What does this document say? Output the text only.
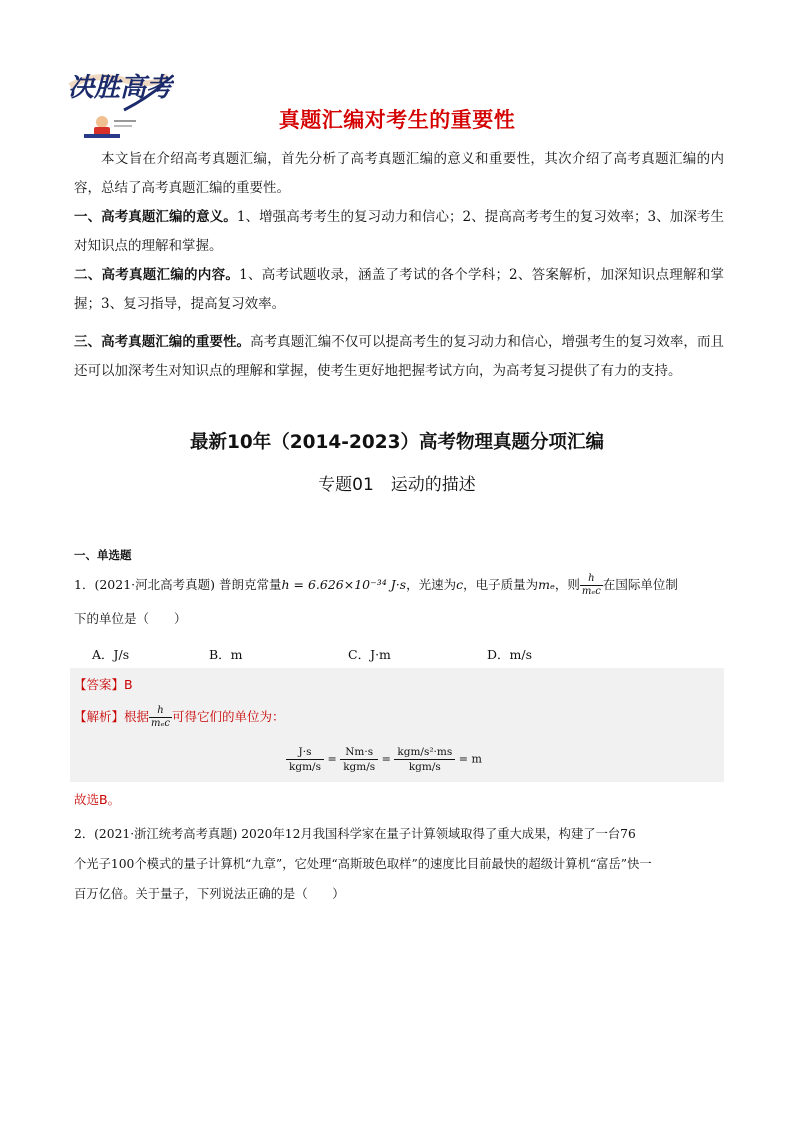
决胜高考
真题汇编对考生的重要性
本文旨在介绍高考真题汇编，首先分析了高考真题汇编的意义和重要性，其次介绍了高考真题汇编的内容，总结了高考真题汇编的重要性。
一、高考真题汇编的意义。1、增强高考考生的复习动力和信心；2、提高高考考生的复习效率；3、加深考生对知识点的理解和掌握。
二、高考真题汇编的内容。1、高考试题收录，涵盖了考试的各个学科；2、答案解析，加深知识点理解和掌握；3、复习指导，提高复习效率。
三、高考真题汇编的重要性。高考真题汇编不仅可以提高考生的复习动力和信心，增强考生的复习效率，而且还可以加深考生对知识点的理解和掌握，使考生更好地把握考试方向，为高考复习提供了有力的支持。
最新10年（2014-2023）高考物理真题分项汇编
专题01　运动的描述
一、单选题
1．(2021·河北高考真题) 普朗克常量h = 6.626×10⁻³⁴ J·s，光速为c，电子质量为mₑ，则 $\frac{h}{\text{mₑc}}$ 在国际单位制
下的单位是（　　）
A．J/s	B．m	C．J·m	D．m/s
【答案】B
【解析】根据 $\frac{h}{\text{mₑc}}$ 可得它们的单位为：
J·s
kgm/s
=
Nm·s
kgm/s
=
kgm/s²·ms
kgm/s
= m
故选B。
2．(2021·浙江统考高考真题) 2020年12月我国科学家在量子计算领域取得了重大成果，构建了一台76
个光子100个模式的量子计算机“九章”，它处理“高斯玻色取样”的速度比目前最快的超级计算机“富岳”快一
百万亿倍。关于量子，下列说法正确的是（　　）
